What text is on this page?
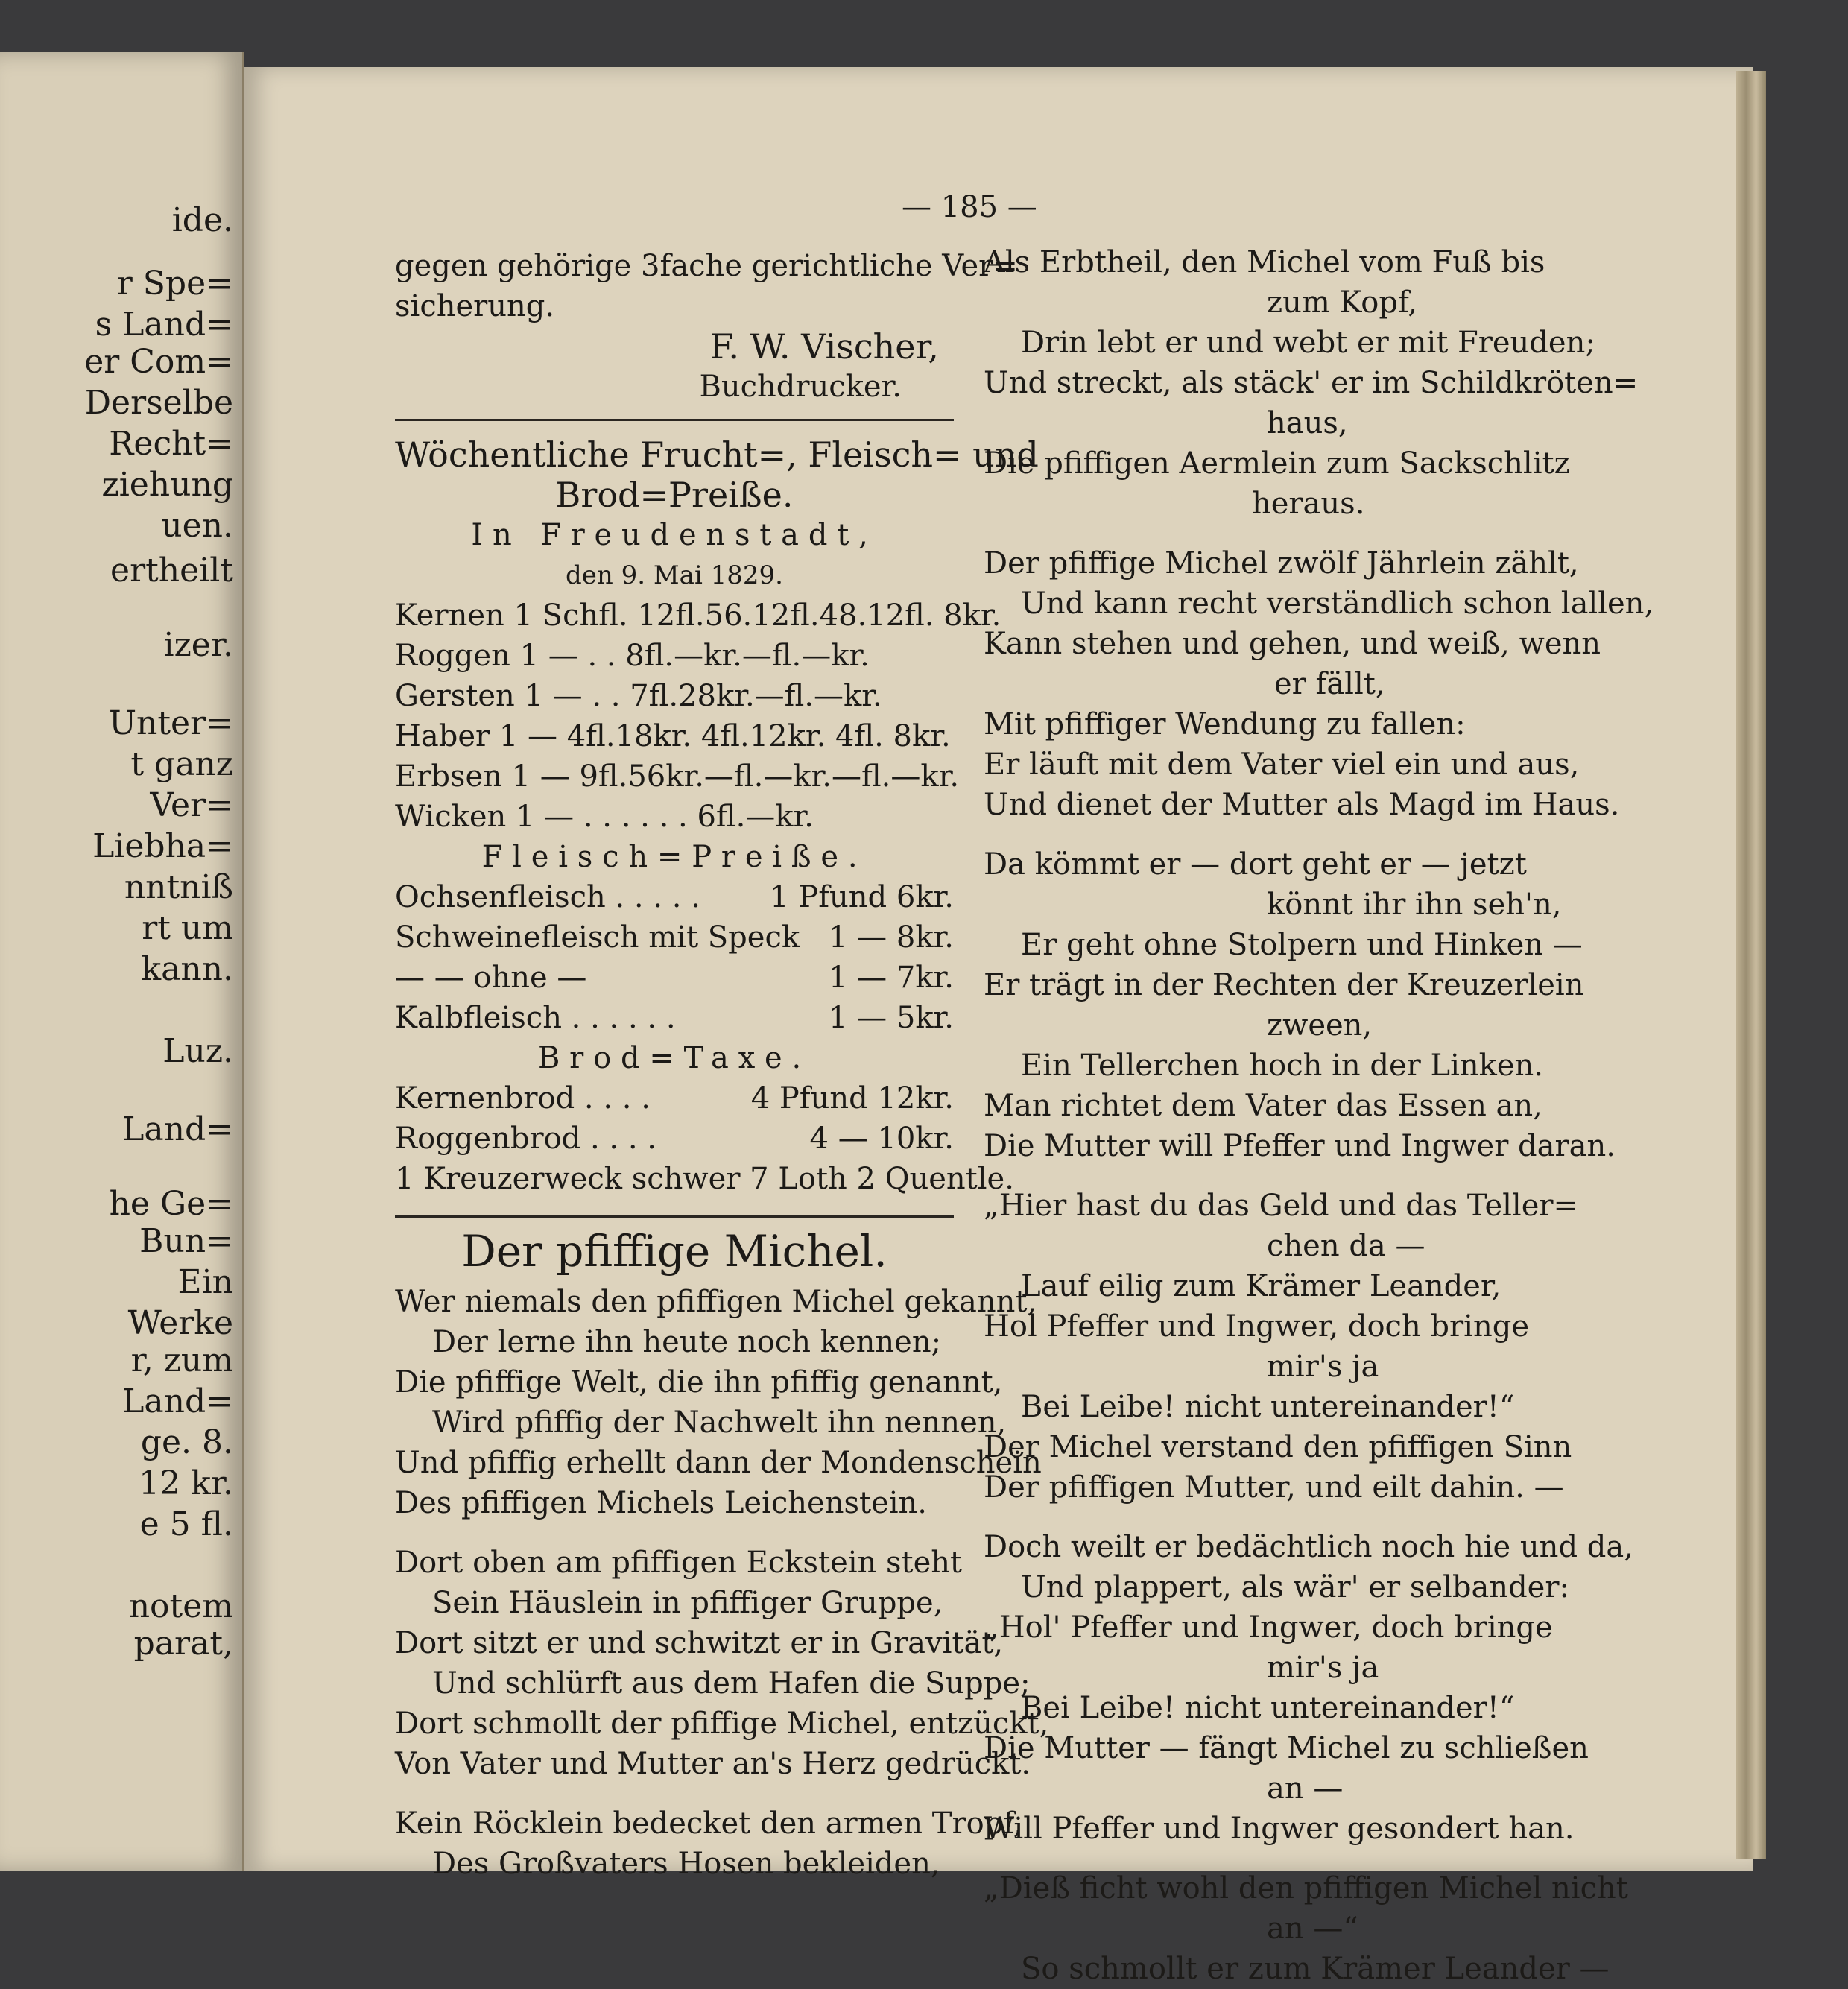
ide.
r Spe=
s Land=
er Com=
Derselbe
Recht=
ziehung
uen.
ertheilt
izer.
Unter=
t ganz
Ver=
Liebha=
nntniß
rt um
kann.
Luz.
Land=
he Ge=
Bun=
Ein
Werke
r, zum
Land=
ge. 8.
12 kr.
e 5 fl.
notem
parat,
— 185 —
gegen gehörige 3fache gerichtliche Ver=
sicherung.
F. W. Vischer,
Buchdrucker.
Wöchentliche Frucht=, Fleisch= und
Brod=Preiße.
In Freudenstadt,
den 9. Mai 1829.
Kernen 1 Schfl. 12fl.56.12fl.48.12fl. 8kr.
Roggen 1 — . . 8fl.—kr.—fl.—kr.
Gersten 1 — . . 7fl.28kr.—fl.—kr.
Haber 1 — 4fl.18kr. 4fl.12kr. 4fl. 8kr.
Erbsen 1 — 9fl.56kr.—fl.—kr.—fl.—kr.
Wicken 1 — . . . . . . 6fl.—kr.
Fleisch=Preiße.
Ochsenfleisch . . . . . 1 Pfund 6kr.
Schweinefleisch mit Speck 1 — 8kr.
— — ohne —	1 — 7kr.
Kalbfleisch . . . . . .	1 — 5kr.
Brod=Taxe.
Kernenbrod . . . .	4 Pfund 12kr.
Roggenbrod . . . .	4 — 10kr.
1 Kreuzerweck schwer 7 Loth 2 Quentle.
Der pfiffige Michel.
Wer niemals den pfiffigen Michel gekannt,
Der lerne ihn heute noch kennen;
Die pfiffige Welt, die ihn pfiffig genannt,
Wird pfiffig der Nachwelt ihn nennen,
Und pfiffig erhellt dann der Mondenschein
Des pfiffigen Michels Leichenstein.
Dort oben am pfiffigen Eckstein steht
Sein Häuslein in pfiffiger Gruppe,
Dort sitzt er und schwitzt er in Gravität,
Und schlürft aus dem Hafen die Suppe;
Dort schmollt der pfiffige Michel, entzückt,
Von Vater und Mutter an's Herz gedrückt.
Kein Röcklein bedecket den armen Tropf,
Des Großvaters Hosen bekleiden,
Als Erbtheil, den Michel vom Fuß bis
zum Kopf,
Drin lebt er und webt er mit Freuden;
Und streckt, als stäck' er im Schildkröten=
haus,
Die pfiffigen Aermlein zum Sackschlitz
heraus.
Der pfiffige Michel zwölf Jährlein zählt,
Und kann recht verständlich schon lallen,
Kann stehen und gehen, und weiß, wenn
er fällt,
Mit pfiffiger Wendung zu fallen:
Er läuft mit dem Vater viel ein und aus,
Und dienet der Mutter als Magd im Haus.
Da kömmt er — dort geht er — jetzt
könnt ihr ihn seh'n,
Er geht ohne Stolpern und Hinken —
Er trägt in der Rechten der Kreuzerlein
zween,
Ein Tellerchen hoch in der Linken.
Man richtet dem Vater das Essen an,
Die Mutter will Pfeffer und Ingwer daran.
„Hier hast du das Geld und das Teller=
chen da —
Lauf eilig zum Krämer Leander,
Hol Pfeffer und Ingwer, doch bringe
mir's ja
Bei Leibe! nicht untereinander!“
Der Michel verstand den pfiffigen Sinn
Der pfiffigen Mutter, und eilt dahin. —
Doch weilt er bedächtlich noch hie und da,
Und plappert, als wär' er selbander:
„Hol' Pfeffer und Ingwer, doch bringe
mir's ja
Bei Leibe! nicht untereinander!“
Die Mutter — fängt Michel zu schließen
an —
Will Pfeffer und Ingwer gesondert han.
„Dieß ficht wohl den pfiffigen Michel nicht
an —“
So schmollt er zum Krämer Leander —
